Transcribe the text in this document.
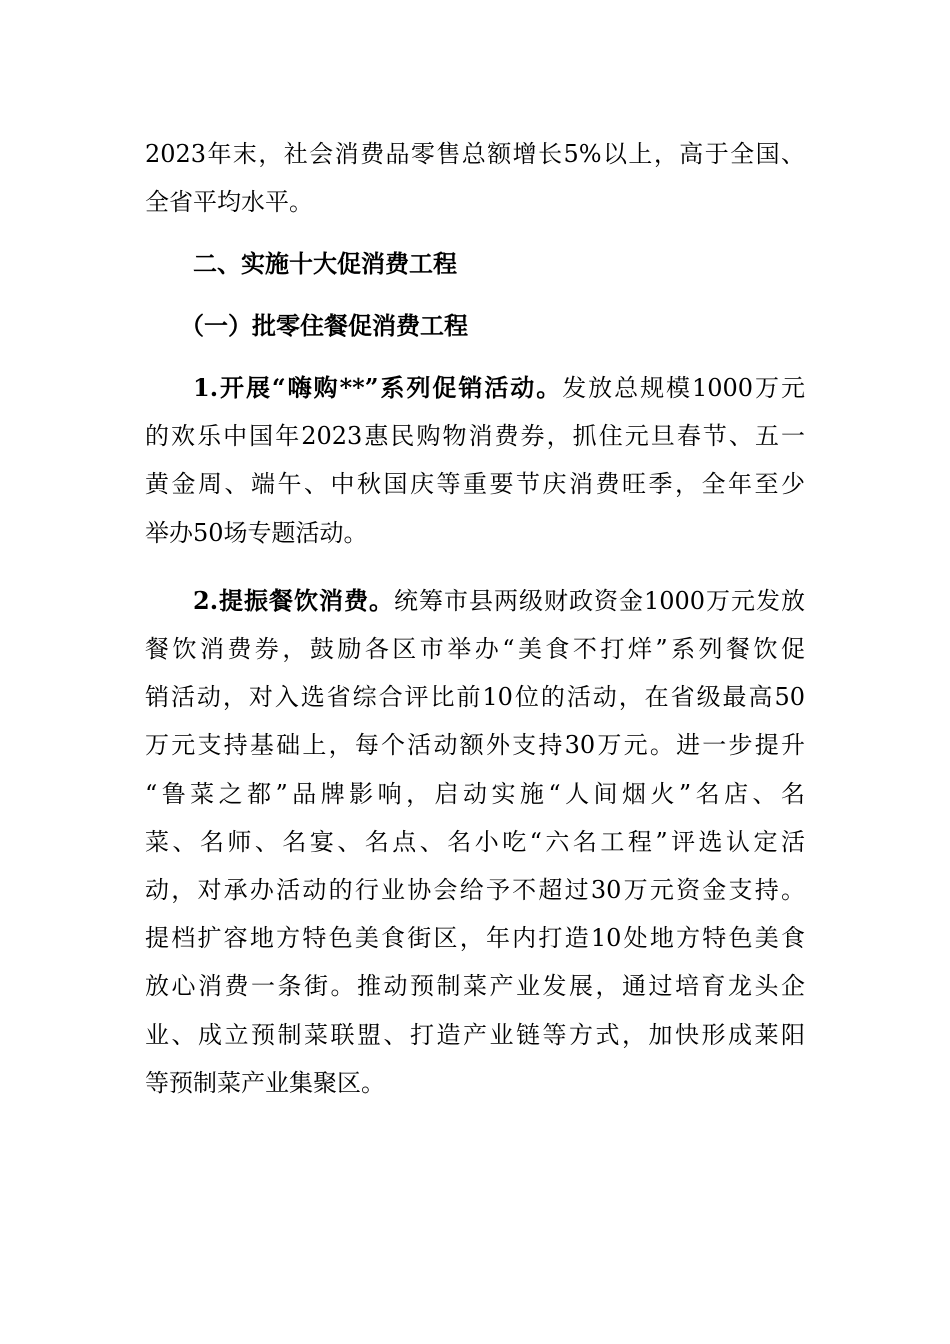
2023年末，社会消费品零售总额增长5%以上，高于全国、
全省平均水平。
二、实施十大促消费工程
（一）批零住餐促消费工程
1.开展“嗨购**”系列促销活动。发放总规模1000万元
的欢乐中国年2023惠民购物消费券，抓住元旦春节、五一
黄金周、端午、中秋国庆等重要节庆消费旺季，全年至少
举办50场专题活动。
2.提振餐饮消费。统筹市县两级财政资金1000万元发放
餐饮消费券，鼓励各区市举办“美食不打烊”系列餐饮促
销活动，对入选省综合评比前10位的活动，在省级最高50
万元支持基础上，每个活动额外支持30万元。进一步提升
“鲁菜之都”品牌影响，启动实施“人间烟火”名店、名
菜、名师、名宴、名点、名小吃“六名工程”评选认定活
动，对承办活动的行业协会给予不超过30万元资金支持。
提档扩容地方特色美食街区，年内打造10处地方特色美食
放心消费一条街。推动预制菜产业发展，通过培育龙头企
业、成立预制菜联盟、打造产业链等方式，加快形成莱阳
等预制菜产业集聚区。
